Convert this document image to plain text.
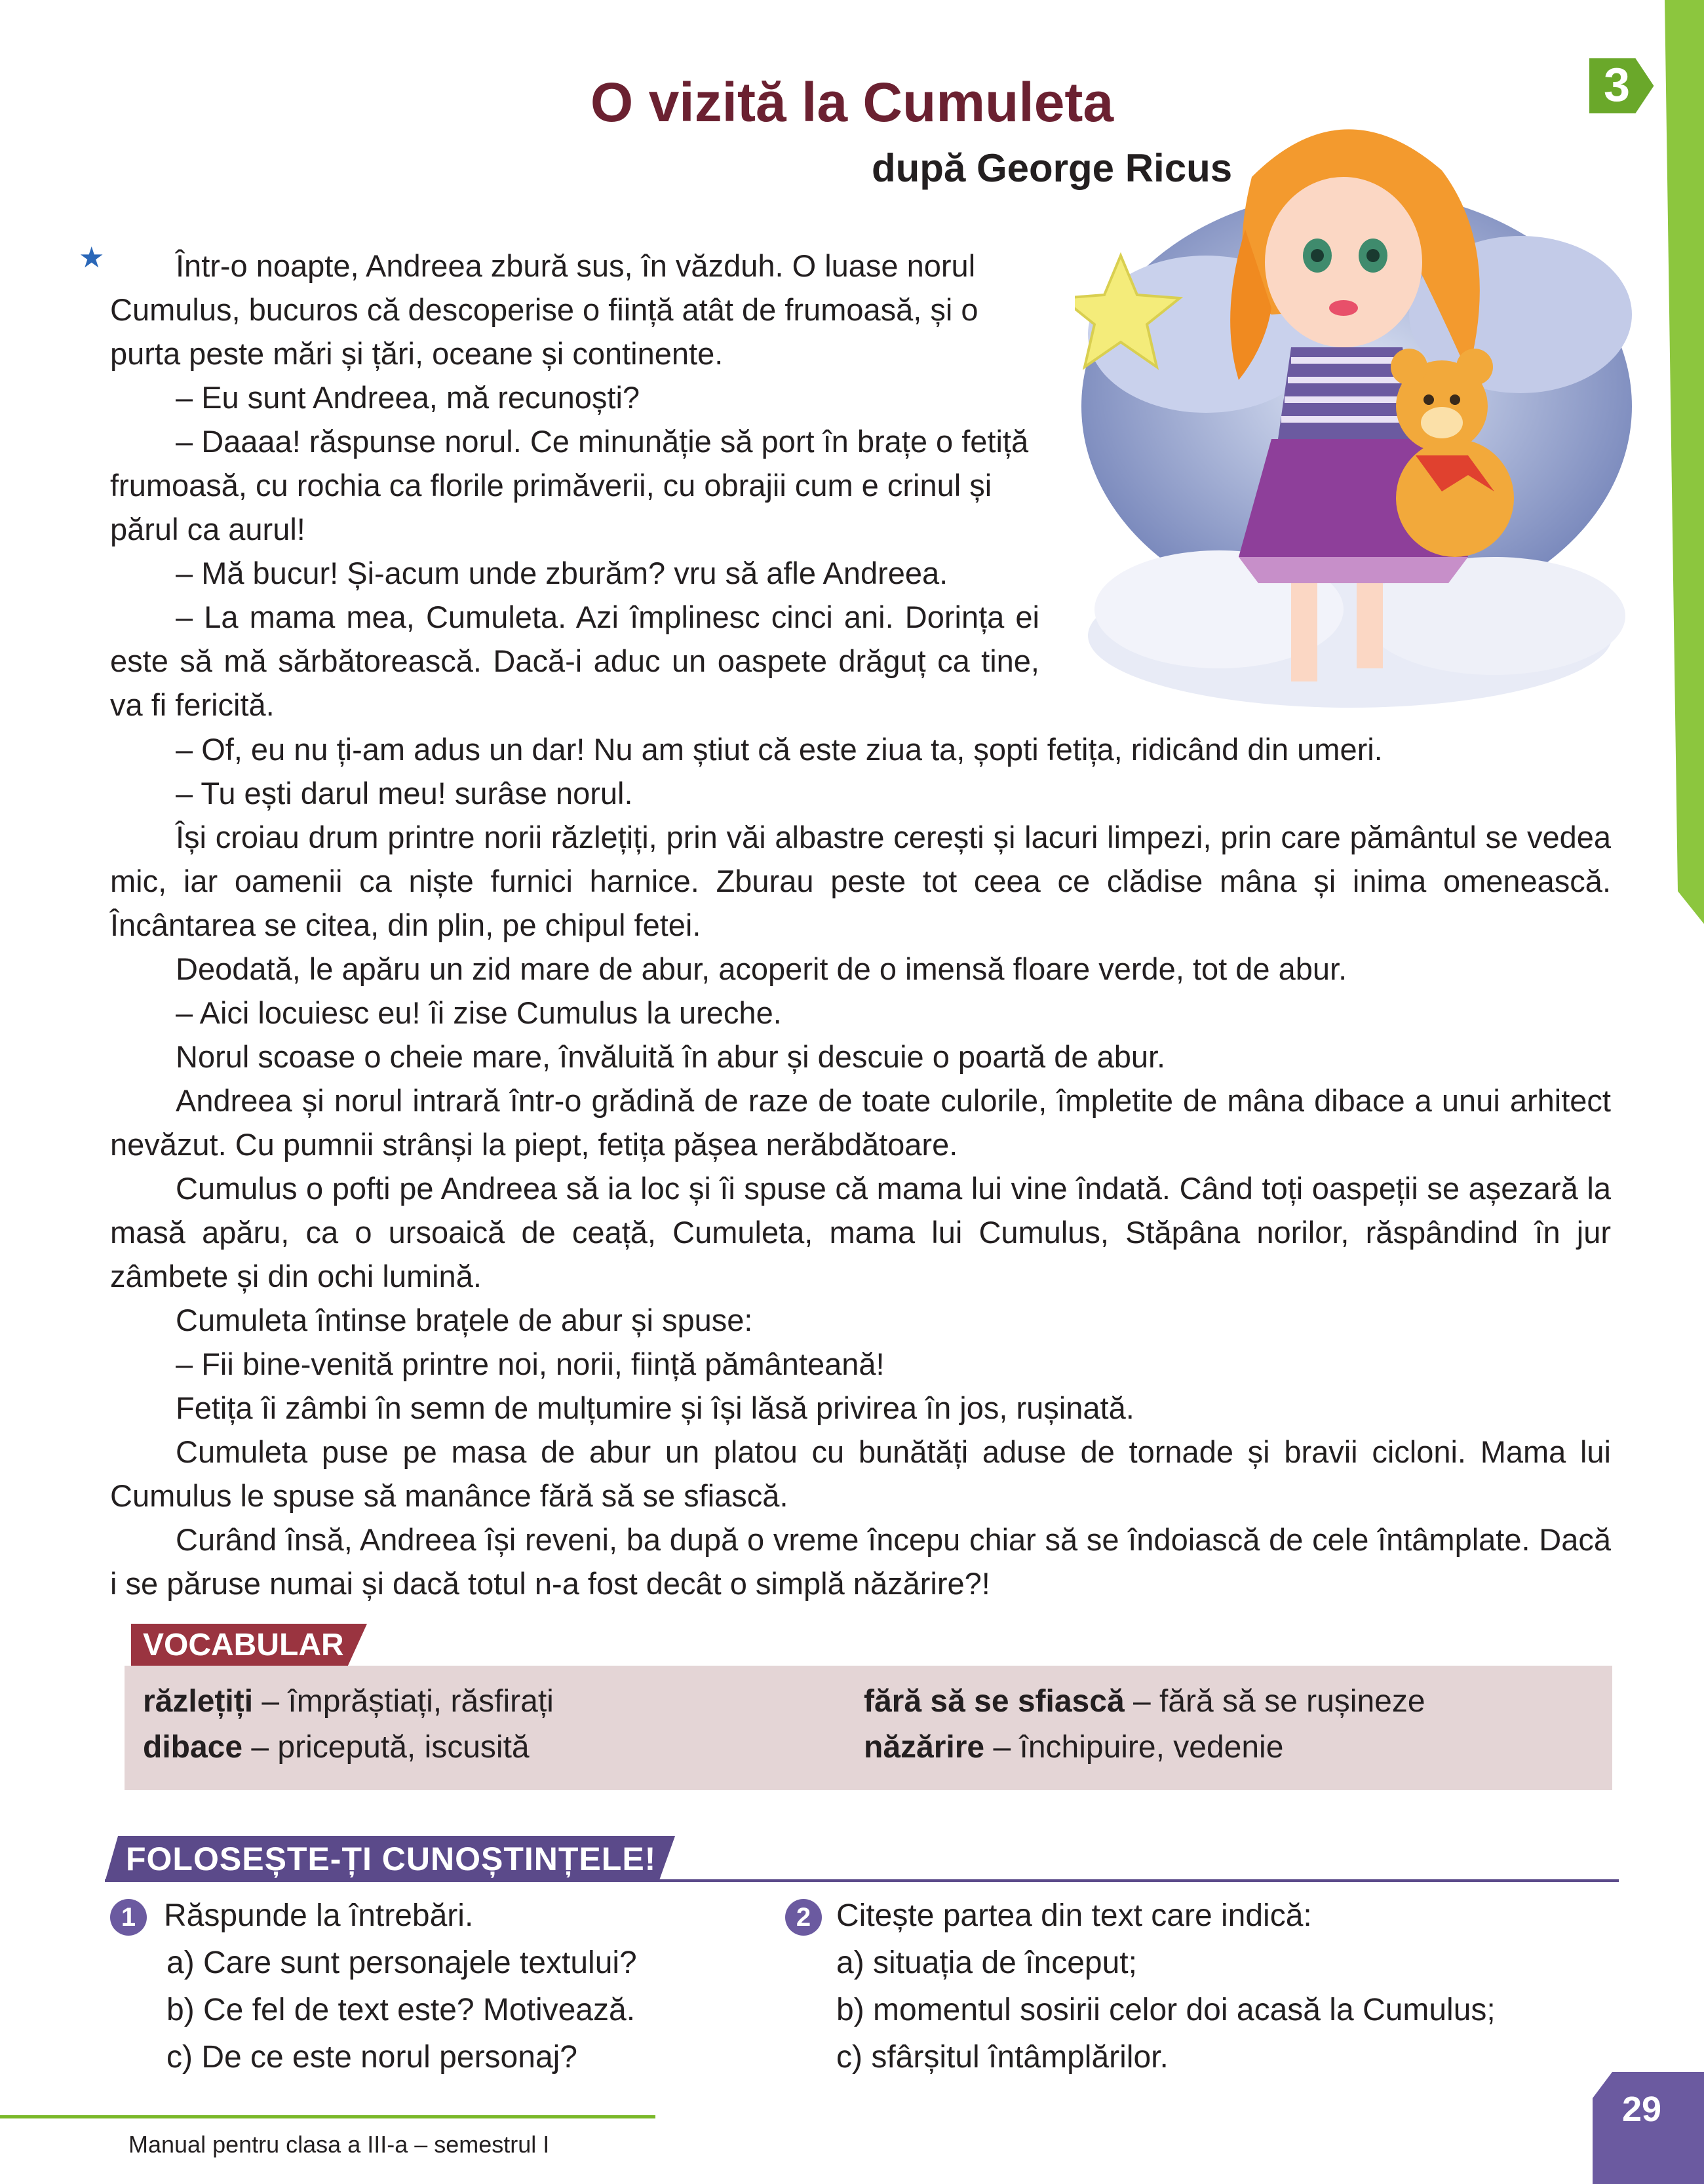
3
O vizită la Cumuleta
după George Ricus
★	Într-o noapte, Andreea zbură sus, în văzduh. O luase norul Cumulus, bucuros că descoperise o ființă atât de frumoasă, și o purta peste mări și țări, oceane și continente.

– Eu sunt Andreea, mă recunoști?

– Daaaa! răspunse norul. Ce minunăție să port în brațe o fetiță frumoasă, cu rochia ca florile primăverii, cu obrajii cum e crinul și părul ca aurul!

– Mă bucur! Și-acum unde zburăm? vru să afle Andreea.

– La mama mea, Cumuleta. Azi împlinesc cinci ani. Dorința ei este să mă sărbătorească. Dacă-i aduc un oaspete drăguț ca tine, va fi fericită.

– Of, eu nu ți-am adus un dar! Nu am știut că este ziua ta, șopti fetița, ridicând din umeri.

– Tu ești darul meu! surâse norul.

Își croiau drum printre norii răzlețiți, prin văi albastre cerești și lacuri limpezi, prin care pământul se vedea mic, iar oamenii ca niște furnici harnice. Zburau peste tot ceea ce clădise mâna și inima omenească. Încântarea se citea, din plin, pe chipul fetei.

Deodată, le apăru un zid mare de abur, acoperit de o imensă floare verde, tot de abur.

– Aici locuiesc eu! îi zise Cumulus la ureche.

Norul scoase o cheie mare, învăluită în abur și descuie o poartă de abur.

Andreea și norul intrară într-o grădină de raze de toate culorile, împletite de mâna dibace a unui arhitect nevăzut. Cu pumnii strânși la piept, fetița pășea nerăbdătoare.

Cumulus o pofti pe Andreea să ia loc și îi spuse că mama lui vine îndată. Când toți oaspeții se așezară la masă apăru, ca o ursoaică de ceață, Cumuleta, mama lui Cumulus, Stăpâna norilor, răspândind în jur zâmbete și din ochi lumină.

Cumuleta întinse brațele de abur și spuse:

– Fii bine-venită printre noi, norii, ființă pământeană!

Fetița îi zâmbi în semn de mulțumire și își lăsă privirea în jos, rușinată.

Cumuleta puse pe masa de abur un platou cu bunătăți aduse de tornade și bravii cicloni. Mama lui Cumulus le spuse să manânce fără să se sfiască.

Curând însă, Andreea își reveni, ba după o vreme începu chiar să se îndoiască de cele întâmplate. Dacă i se păruse numai și dacă totul n-a fost decât o simplă năzărire?!

VOCABULAR
răzlețiți – împrăștiați, răsfirați
dibace – pricepută, iscusită
fără să se sfiască – fără să se rușineze
năzărire – închipuire, vedenie
FOLOSEȘTE-ȚI CUNOȘTINȚELE!
1 Răspunde la întrebări.
a) Care sunt personajele textului?
b) Ce fel de text este? Motivează.
c) De ce este norul personaj?
2 Citește partea din text care indică:
a) situația de început;
b) momentul sosirii celor doi acasă la Cumulus;
c) sfârșitul întâmplărilor.
Manual pentru clasa a III-a – semestrul I
29
